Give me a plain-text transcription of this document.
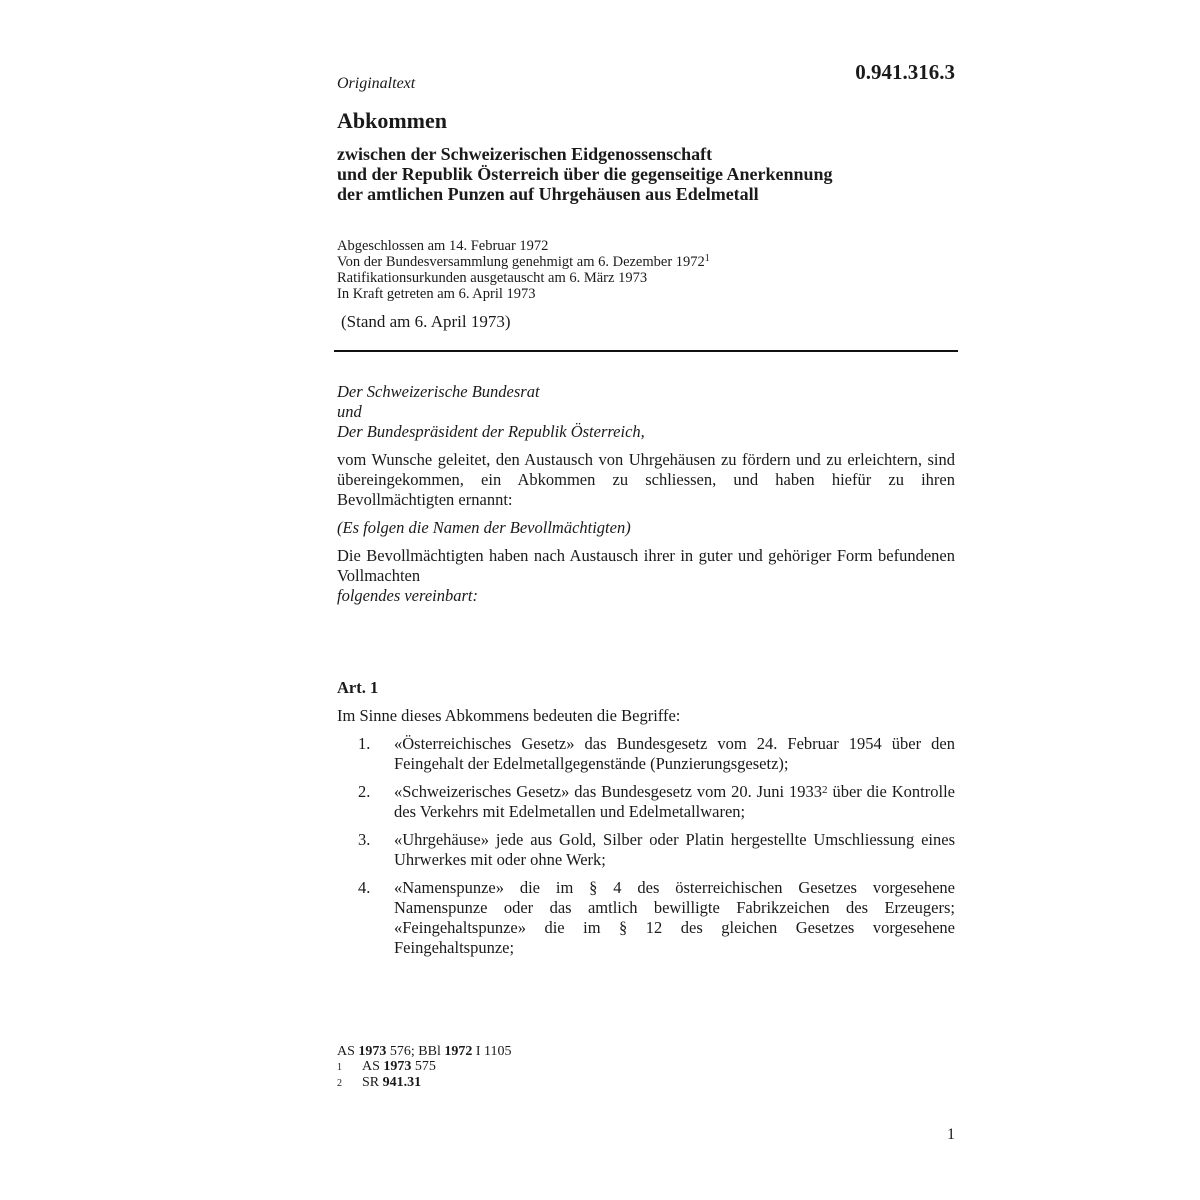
Originaltext	0.941.316.3
Abkommen
zwischen der Schweizerischen Eidgenossenschaft
und der Republik Österreich über die gegenseitige Anerkennung
der amtlichen Punzen auf Uhrgehäusen aus Edelmetall
Abgeschlossen am 14. Februar 1972
Von der Bundesversammlung genehmigt am 6. Dezember 1972$^1$
Ratifikationsurkunden ausgetauscht am 6. März 1973
In Kraft getreten am 6. April 1973
(Stand am 6. April 1973)
Der Schweizerische Bundesrat
und
Der Bundespräsident der Republik Österreich,

vom Wunsche geleitet, den Austausch von Uhrgehäusen zu fördern und zu erleichtern, sind übereingekommen, ein Abkommen zu schliessen, und haben hiefür zu ihren Bevollmächtigten ernannt:

(Es folgen die Namen der Bevollmächtigten)

Die Bevollmächtigten haben nach Austausch ihrer in guter und gehöriger Form befundenen Vollmachten

folgendes vereinbart:
Art. 1
Im Sinne dieses Abkommens bedeuten die Begriffe:
1.	«Österreichisches Gesetz» das Bundesgesetz vom 24. Februar 1954 über den Feingehalt der Edelmetallgegenstände (Punzierungsgesetz);
2.	«Schweizerisches Gesetz» das Bundesgesetz vom 20. Juni 1933$^2$ über die Kontrolle des Verkehrs mit Edelmetallen und Edelmetallwaren;
3.	«Uhrgehäuse» jede aus Gold, Silber oder Platin hergestellte Umschliessung eines Uhrwerkes mit oder ohne Werk;
4.	«Namenspunze» die im § 4 des österreichischen Gesetzes vorgesehene Namenspunze oder das amtlich bewilligte Fabrikzeichen des Erzeugers; «Feingehaltspunze» die im § 12 des gleichen Gesetzes vorgesehene Feingehaltspunze;
AS 1973 576; BBl 1972 I 1105
1	AS 1973 575
2	SR 941.31
1
